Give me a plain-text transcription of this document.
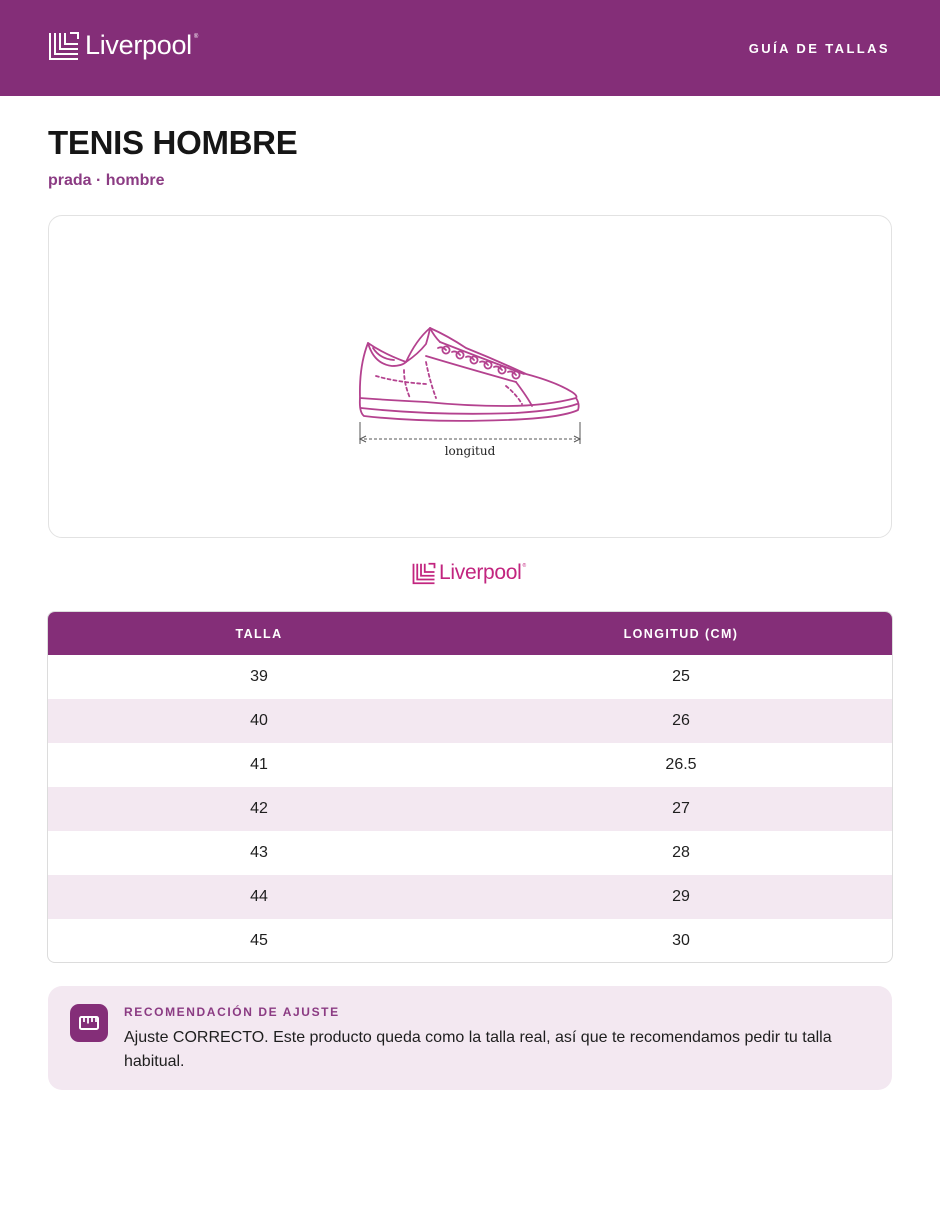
Liverpool ®
GUÍA DE TALLAS
TENIS HOMBRE
prada · hombre
longitud
Liverpool ®
TALLA	LONGITUD (CM)
39	25
40	26
41	26.5
42	27
43	28
44	29
45	30
RECOMENDACIÓN DE AJUSTE
Ajuste CORRECTO. Este producto queda como la talla real, así que te recomendamos pedir tu talla habitual.
